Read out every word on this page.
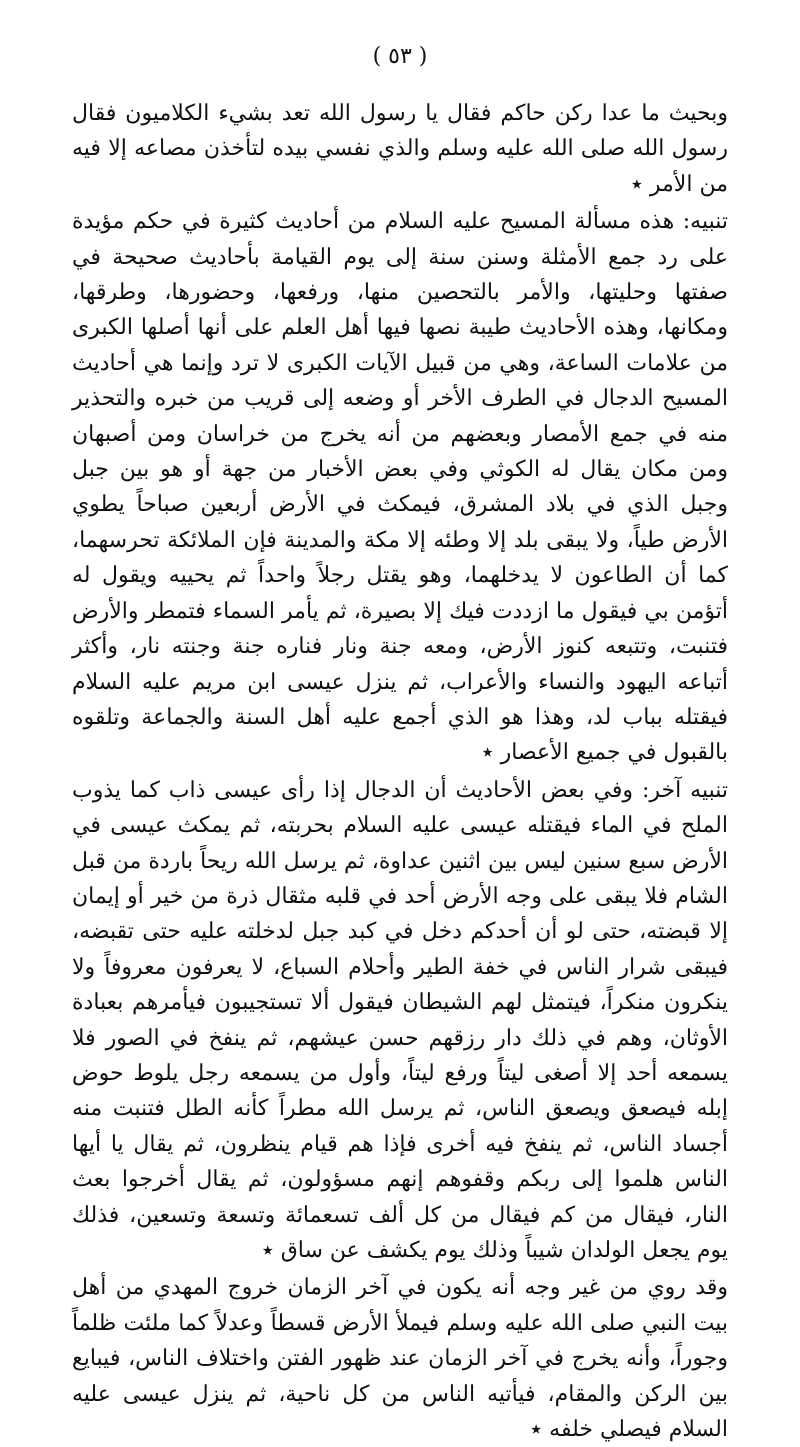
( ٥٣ )

وبحيث ما عدا ركن حاكم فقال يا رسول الله تعد بشيء الكلاميون فقال رسول الله صلى الله عليه وسلم والذي نفسي بيده لتأخذن مصاعه إلا فيه من الأمر ٭

تنبيه: هذه مسألة المسيح عليه السلام من أحاديث كثيرة في حكم مؤيدة على رد جمع الأمثلة وسنن سنة إلى يوم القيامة بأحاديث صحيحة في صفتها وحليتها، والأمر بالتحصين منها، ورفعها، وحضورها، وطرقها، ومكانها، وهذه الأحاديث طيبة نصها فيها أهل العلم على أنها أصلها الكبرى من علامات الساعة، وهي من قبيل الآيات الكبرى لا ترد وإنما هي أحاديث المسيح الدجال في الطرف الأخر أو وضعه إلى قريب من خبره والتحذير منه في جمع الأمصار وبعضهم من أنه يخرج من خراسان ومن أصبهان ومن مكان يقال له الكوثي وفي بعض الأخبار من جهة أو هو بين جبل وجبل الذي في بلاد المشرق، فيمكث في الأرض أربعين صباحاً يطوي الأرض طياً، ولا يبقى بلد إلا وطئه إلا مكة والمدينة فإن الملائكة تحرسهما، كما أن الطاعون لا يدخلهما، وهو يقتل رجلاً واحداً ثم يحييه ويقول له أتؤمن بي فيقول ما ازددت فيك إلا بصيرة، ثم يأمر السماء فتمطر والأرض فتنبت، وتتبعه كنوز الأرض، ومعه جنة ونار فناره جنة وجنته نار، وأكثر أتباعه اليهود والنساء والأعراب، ثم ينزل عيسى ابن مريم عليه السلام فيقتله بباب لد، وهذا هو الذي أجمع عليه أهل السنة والجماعة وتلقوه بالقبول في جميع الأعصار ٭

تنبيه آخر: وفي بعض الأحاديث أن الدجال إذا رأى عيسى ذاب كما يذوب الملح في الماء فيقتله عيسى عليه السلام بحربته، ثم يمكث عيسى في الأرض سبع سنين ليس بين اثنين عداوة، ثم يرسل الله ريحاً باردة من قبل الشام فلا يبقى على وجه الأرض أحد في قلبه مثقال ذرة من خير أو إيمان إلا قبضته، حتى لو أن أحدكم دخل في كبد جبل لدخلته عليه حتى تقبضه، فيبقى شرار الناس في خفة الطير وأحلام السباع، لا يعرفون معروفاً ولا ينكرون منكراً، فيتمثل لهم الشيطان فيقول ألا تستجيبون فيأمرهم بعبادة الأوثان، وهم في ذلك دار رزقهم حسن عيشهم، ثم ينفخ في الصور فلا يسمعه أحد إلا أصغى ليتاً ورفع ليتاً، وأول من يسمعه رجل يلوط حوض إبله فيصعق ويصعق الناس، ثم يرسل الله مطراً كأنه الطل فتنبت منه أجساد الناس، ثم ينفخ فيه أخرى فإذا هم قيام ينظرون، ثم يقال يا أيها الناس هلموا إلى ربكم وقفوهم إنهم مسؤولون، ثم يقال أخرجوا بعث النار، فيقال من كم فيقال من كل ألف تسعمائة وتسعة وتسعين، فذلك يوم يجعل الولدان شيباً وذلك يوم يكشف عن ساق ٭

وقد روي من غير وجه أنه يكون في آخر الزمان خروج المهدي من أهل بيت النبي صلى الله عليه وسلم فيملأ الأرض قسطاً وعدلاً كما ملئت ظلماً وجوراً، وأنه يخرج في آخر الزمان عند ظهور الفتن واختلاف الناس، فيبايع بين الركن والمقام، فيأتيه الناس من كل ناحية، ثم ينزل عيسى عليه السلام فيصلي خلفه ٭
